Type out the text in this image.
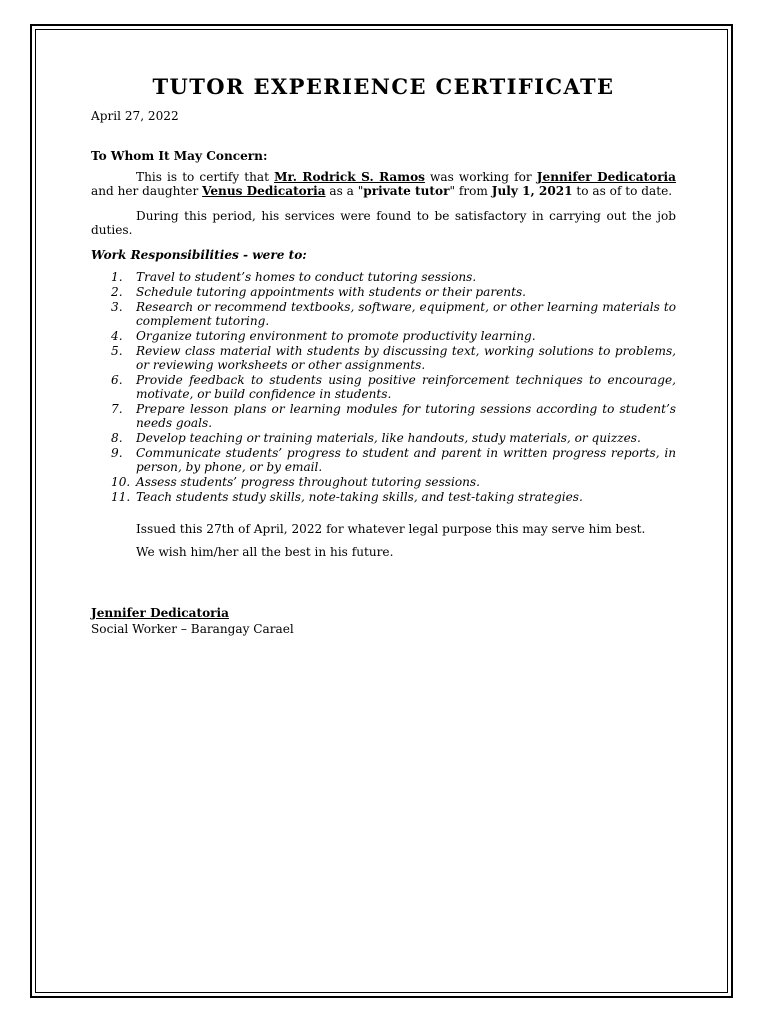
TUTOR EXPERIENCE CERTIFICATE
April 27, 2022
To Whom It May Concern:
This is to certify that Mr. Rodrick S. Ramos was working for Jennifer Dedicatoria and her daughter Venus Dedicatoria as a "private tutor" from July 1, 2021 to as of to date.
During this period, his services were found to be satisfactory in carrying out the job duties.
Work Responsibilities - were to:
1. Travel to student’s homes to conduct tutoring sessions.
2. Schedule tutoring appointments with students or their parents.
3. Research or recommend textbooks, software, equipment, or other learning materials to complement tutoring.
4. Organize tutoring environment to promote productivity learning.
5. Review class material with students by discussing text, working solutions to problems, or reviewing worksheets or other assignments.
6. Provide feedback to students using positive reinforcement techniques to encourage, motivate, or build confidence in students.
7. Prepare lesson plans or learning modules for tutoring sessions according to student’s needs goals.
8. Develop teaching or training materials, like handouts, study materials, or quizzes.
9. Communicate students’ progress to student and parent in written progress reports, in person, by phone, or by email.
10. Assess students’ progress throughout tutoring sessions.
11. Teach students study skills, note-taking skills, and test-taking strategies.
Issued this 27th of April, 2022 for whatever legal purpose this may serve him best.
We wish him/her all the best in his future.
Jennifer Dedicatoria
Social Worker – Barangay Carael
